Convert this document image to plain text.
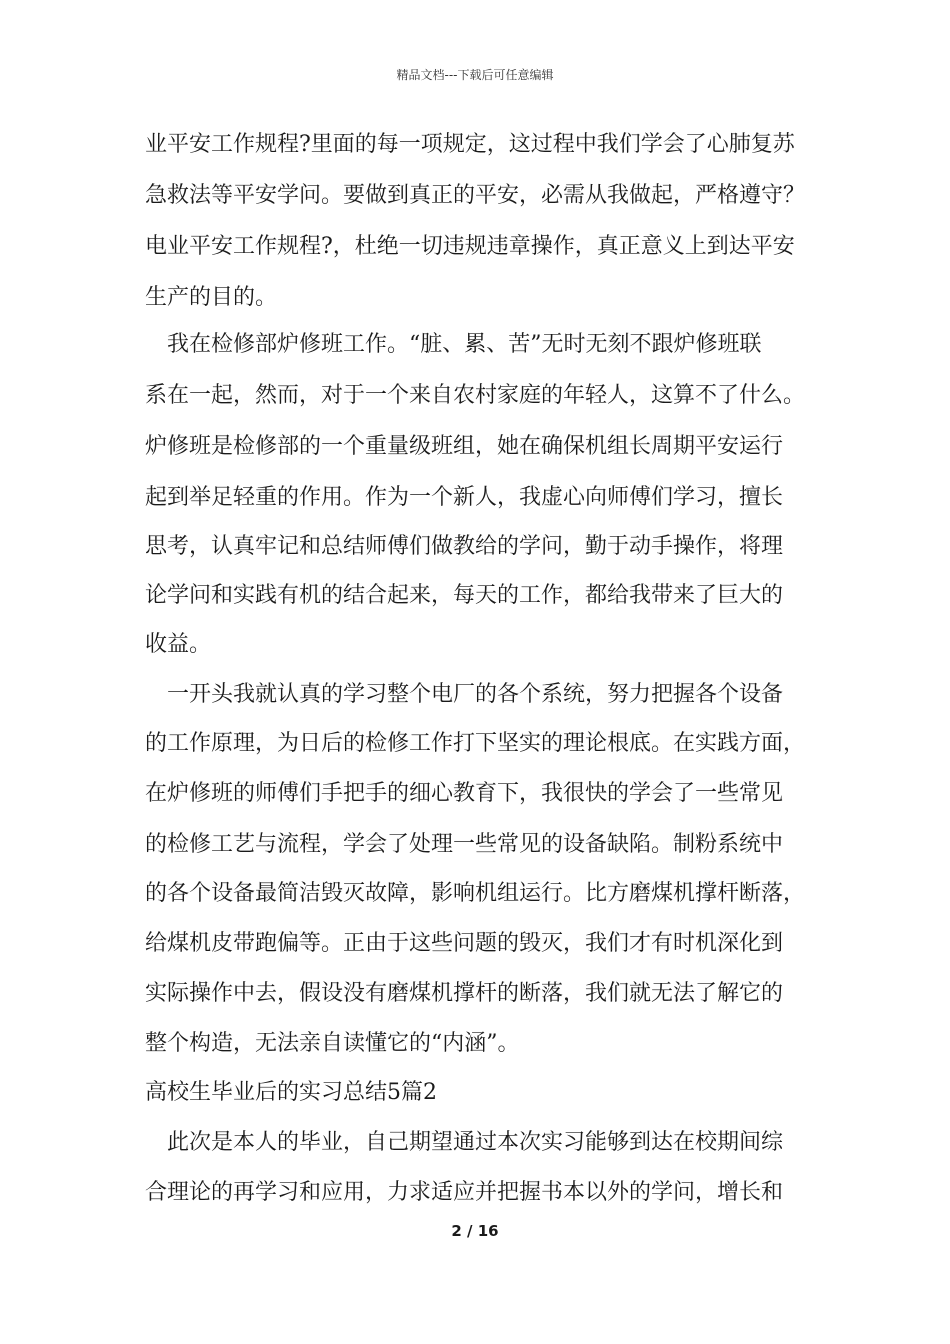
精品文档---下载后可任意编辑
业平安工作规程?里面的每一项规定，这过程中我们学会了心肺复苏
急救法等平安学问。要做到真正的平安，必需从我做起，严格遵守？
电业平安工作规程?，杜绝一切违规违章操作，真正意义上到达平安
生产的目的。
我在检修部炉修班工作。“脏、累、苦”无时无刻不跟炉修班联
系在一起，然而，对于一个来自农村家庭的年轻人，这算不了什么。
炉修班是检修部的一个重量级班组，她在确保机组长周期平安运行
起到举足轻重的作用。作为一个新人，我虚心向师傅们学习，擅长
思考，认真牢记和总结师傅们做教给的学问，勤于动手操作，将理
论学问和实践有机的结合起来，每天的工作，都给我带来了巨大的
收益。
一开头我就认真的学习整个电厂的各个系统，努力把握各个设备
的工作原理，为日后的检修工作打下坚实的理论根底。在实践方面，
在炉修班的师傅们手把手的细心教育下，我很快的学会了一些常见
的检修工艺与流程，学会了处理一些常见的设备缺陷。制粉系统中
的各个设备最简洁毁灭故障，影响机组运行。比方磨煤机撑杆断落，
给煤机皮带跑偏等。正由于这些问题的毁灭，我们才有时机深化到
实际操作中去，假设没有磨煤机撑杆的断落，我们就无法了解它的
整个构造，无法亲自读懂它的“内涵”。
高校生毕业后的实习总结5篇2
此次是本人的毕业，自己期望通过本次实习能够到达在校期间综
合理论的再学习和应用，力求适应并把握书本以外的学问，增长和
2 / 16
